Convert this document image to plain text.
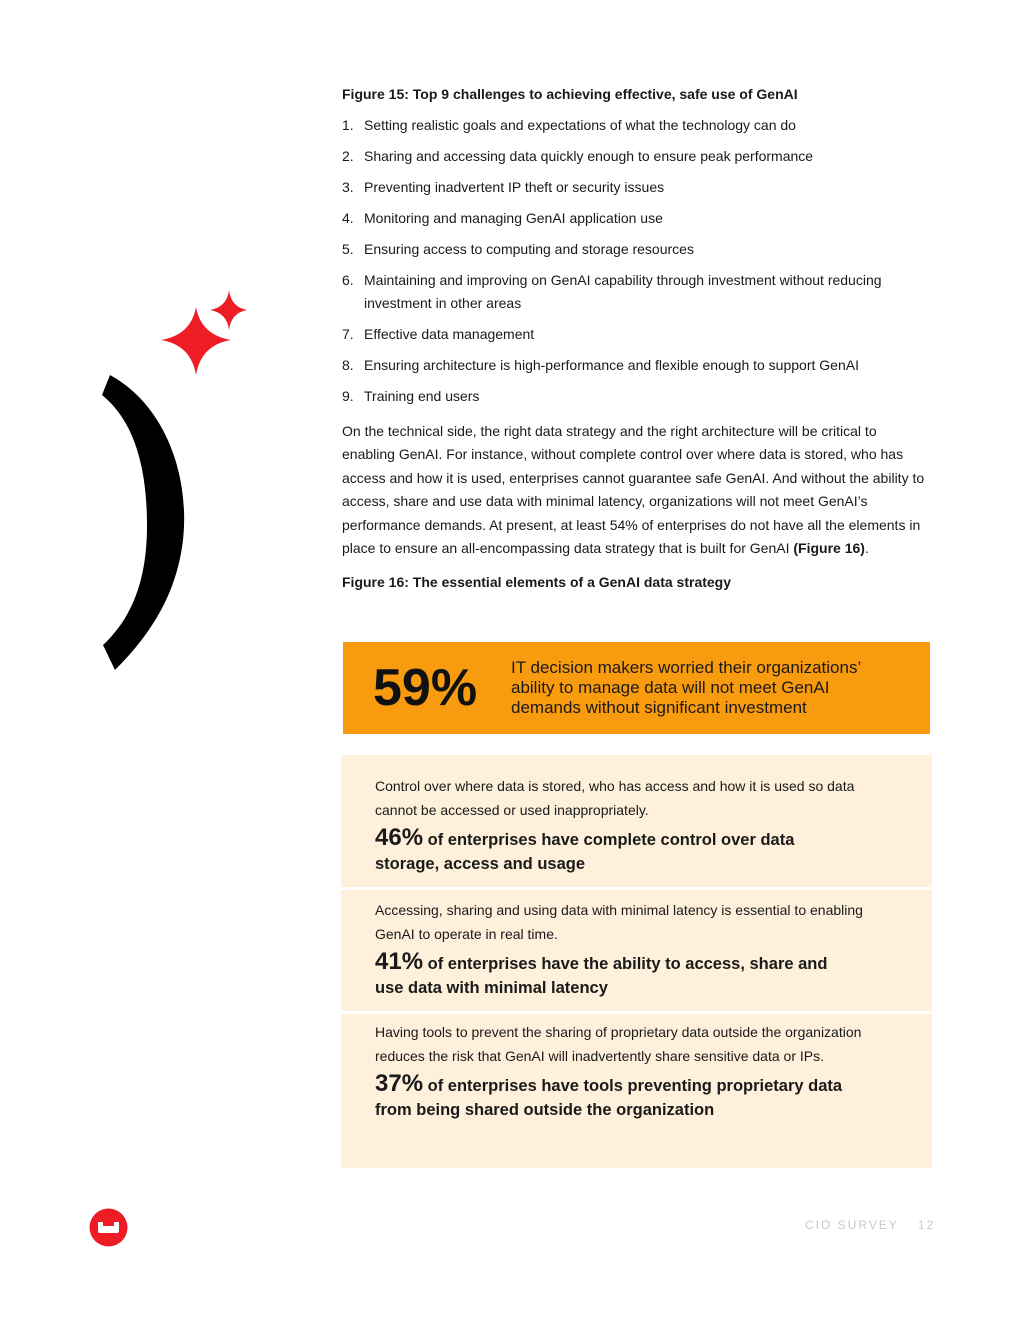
Figure 15: Top 9 challenges to achieving effective, safe use of GenAI
1. Setting realistic goals and expectations of what the technology can do
2. Sharing and accessing data quickly enough to ensure peak performance
3. Preventing inadvertent IP theft or security issues
4. Monitoring and managing GenAI application use
5. Ensuring access to computing and storage resources
6. Maintaining and improving on GenAI capability through investment without reducing investment in other areas
7. Effective data management
8. Ensuring architecture is high-performance and flexible enough to support GenAI
9. Training end users

On the technical side, the right data strategy and the right architecture will be critical to enabling GenAI. For instance, without complete control over where data is stored, who has access and how it is used, enterprises cannot guarantee safe GenAI. And without the ability to access, share and use data with minimal latency, organizations will not meet GenAI’s performance demands. At present, at least 54% of enterprises do not have all the elements in place to ensure an all-encompassing data strategy that is built for GenAI (Figure 16).

Figure 16: The essential elements of a GenAI data strategy
59%	IT decision makers worried their organizations’ ability to manage data will not meet GenAI demands without significant investment
Control over where data is stored, who has access and how it is used so data cannot be accessed or used inappropriately.
46% of enterprises have complete control over data storage, access and usage
Accessing, sharing and using data with minimal latency is essential to enabling GenAI to operate in real time.
41% of enterprises have the ability to access, share and use data with minimal latency
Having tools to prevent the sharing of proprietary data outside the organization reduces the risk that GenAI will inadvertently share sensitive data or IPs.
37% of enterprises have tools preventing proprietary data from being shared outside the organization
CIO SURVEY 12
